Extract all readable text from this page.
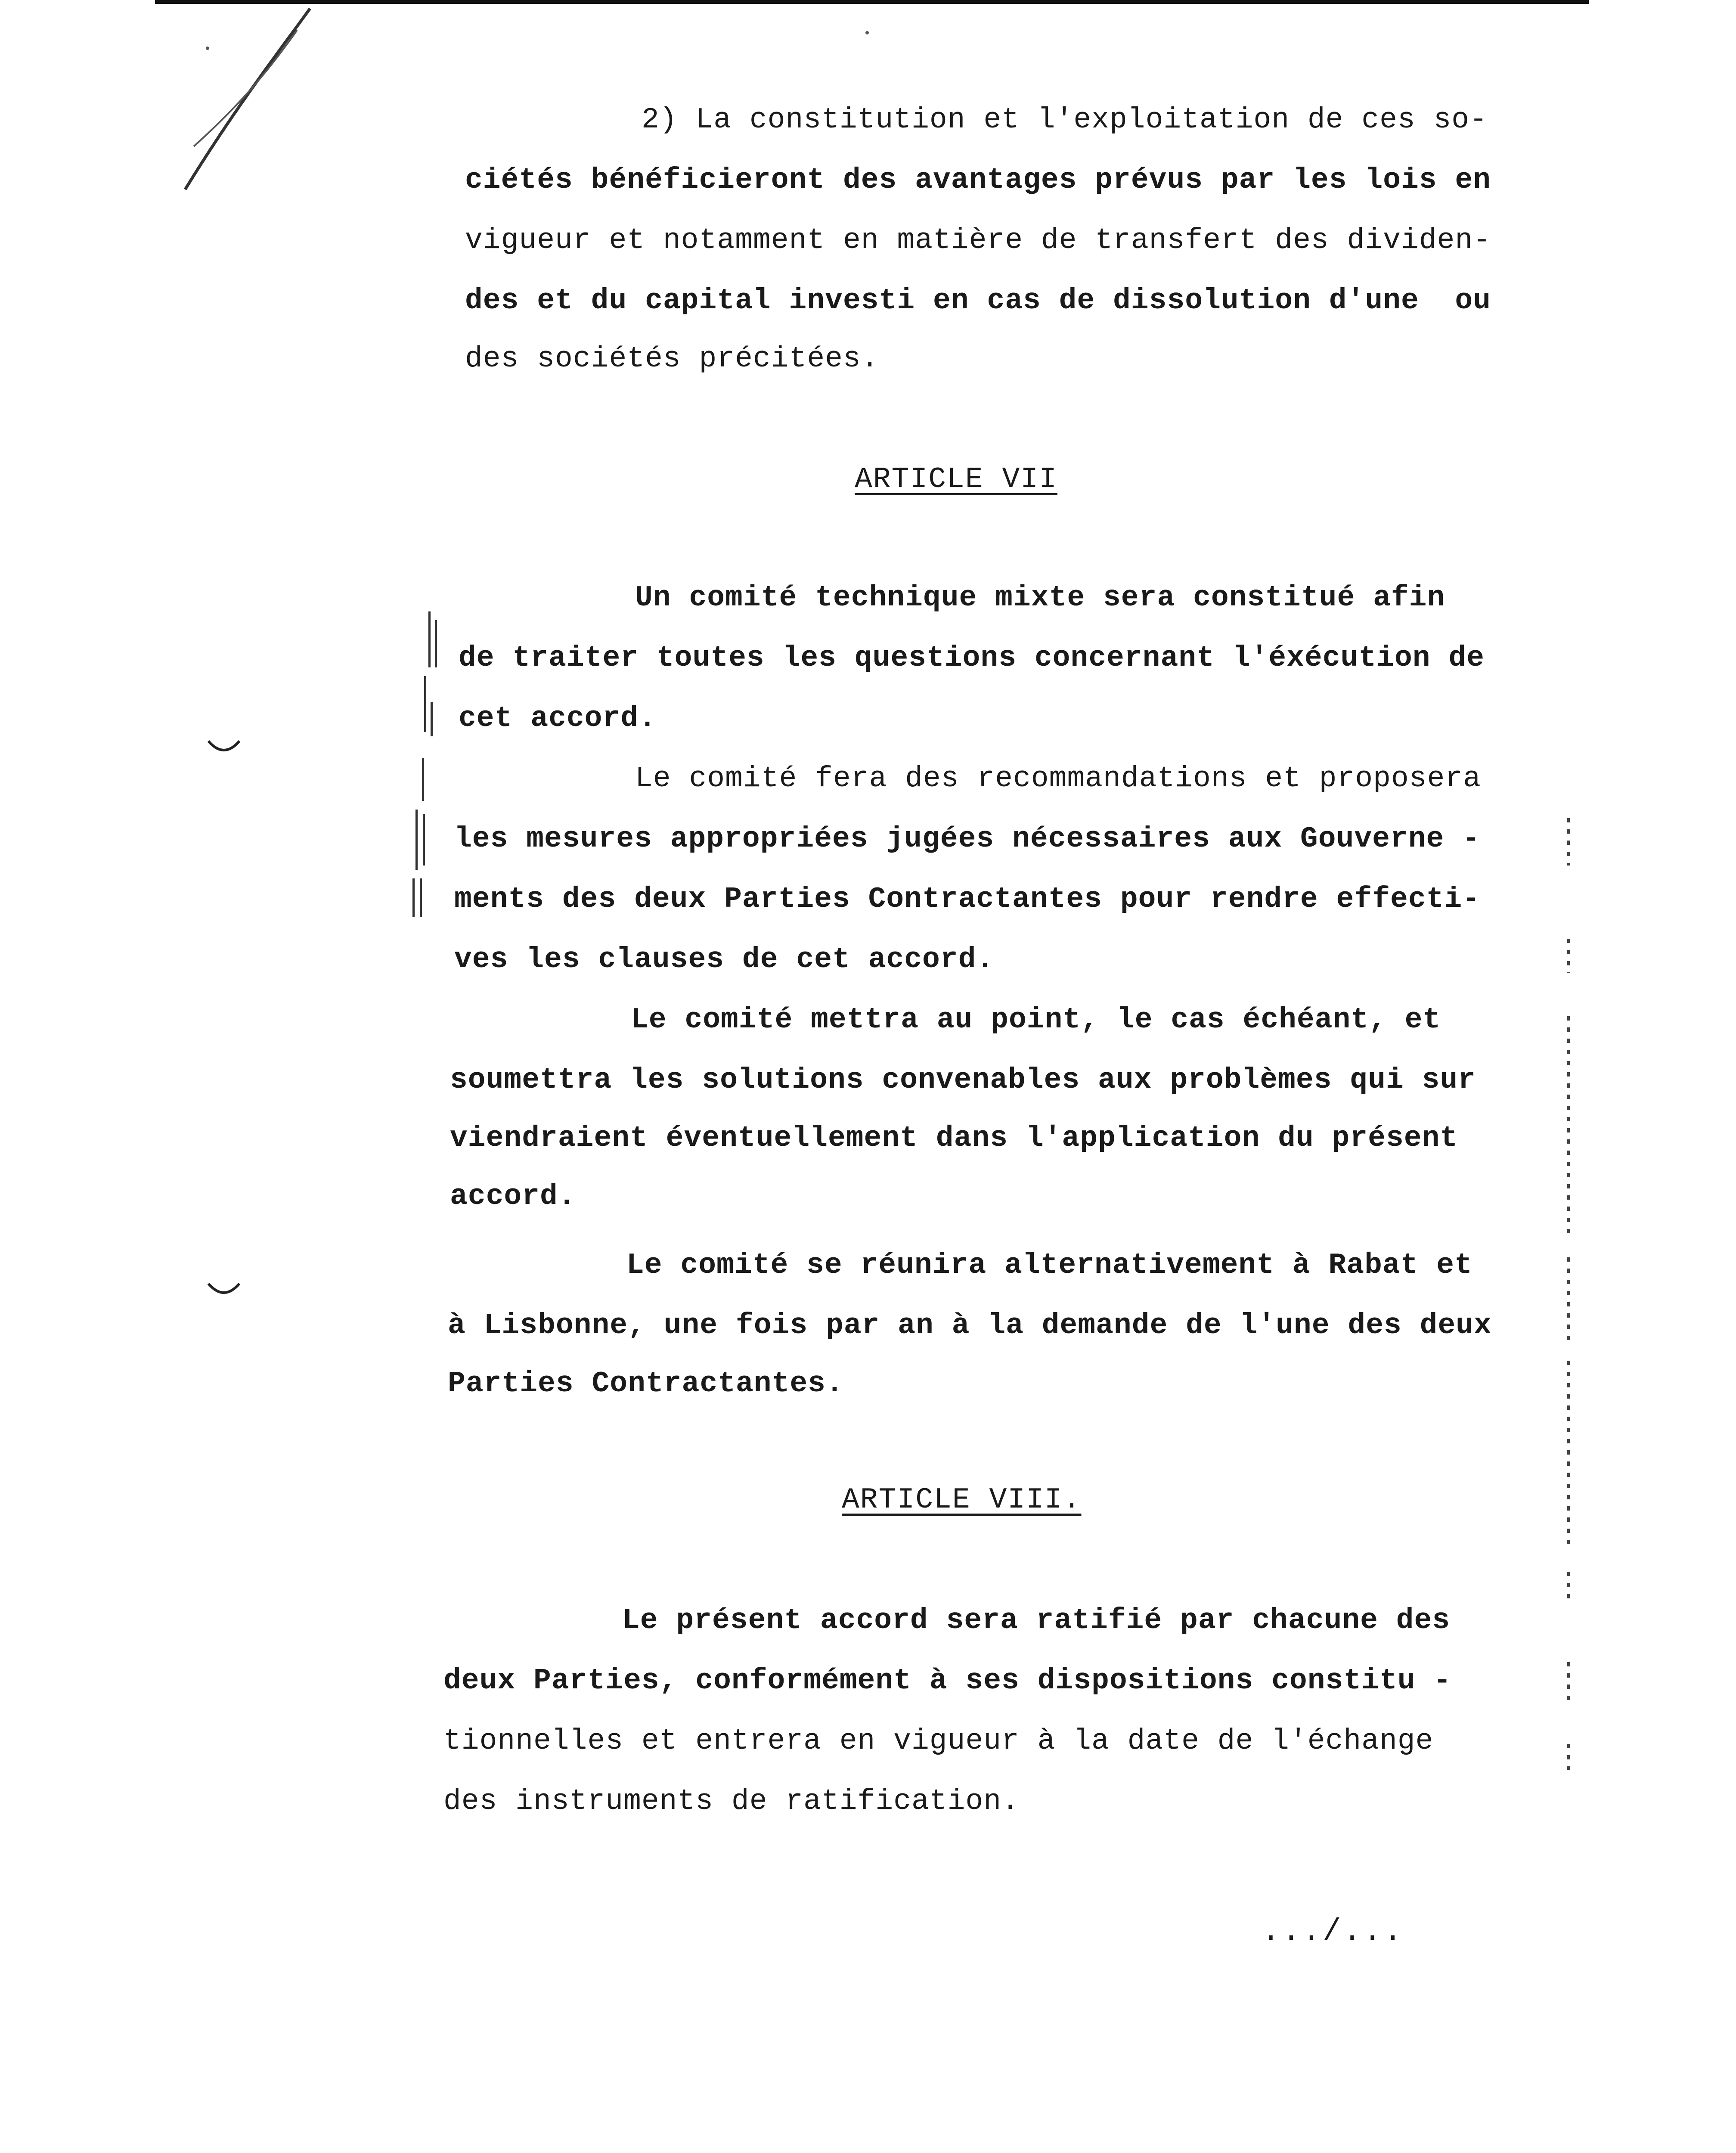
2) La constitution et l'exploitation de ces so-
ciétés bénéficieront des avantages prévus par les lois en
vigueur et notamment en matière de transfert des dividen-
des et du capital investi en cas de dissolution d'une  ou
des sociétés précitées.
ARTICLE VII
Un comité technique mixte sera constitué afin
de traiter toutes les questions concernant l'éxécution de
cet accord.
Le comité fera des recommandations et proposera
les mesures appropriées jugées nécessaires aux Gouverne -
ments des deux Parties Contractantes pour rendre effecti-
ves les clauses de cet accord.
Le comité mettra au point, le cas échéant, et
soumettra les solutions convenables aux problèmes qui sur
viendraient éventuellement dans l'application du présent
accord.
Le comité se réunira alternativement à Rabat et
à Lisbonne, une fois par an à la demande de l'une des deux
Parties Contractantes.
ARTICLE VIII.
Le présent accord sera ratifié par chacune des
deux Parties, conformément à ses dispositions constitu -
tionnelles et entrera en vigueur à la date de l'échange
des instruments de ratification.
.../...
